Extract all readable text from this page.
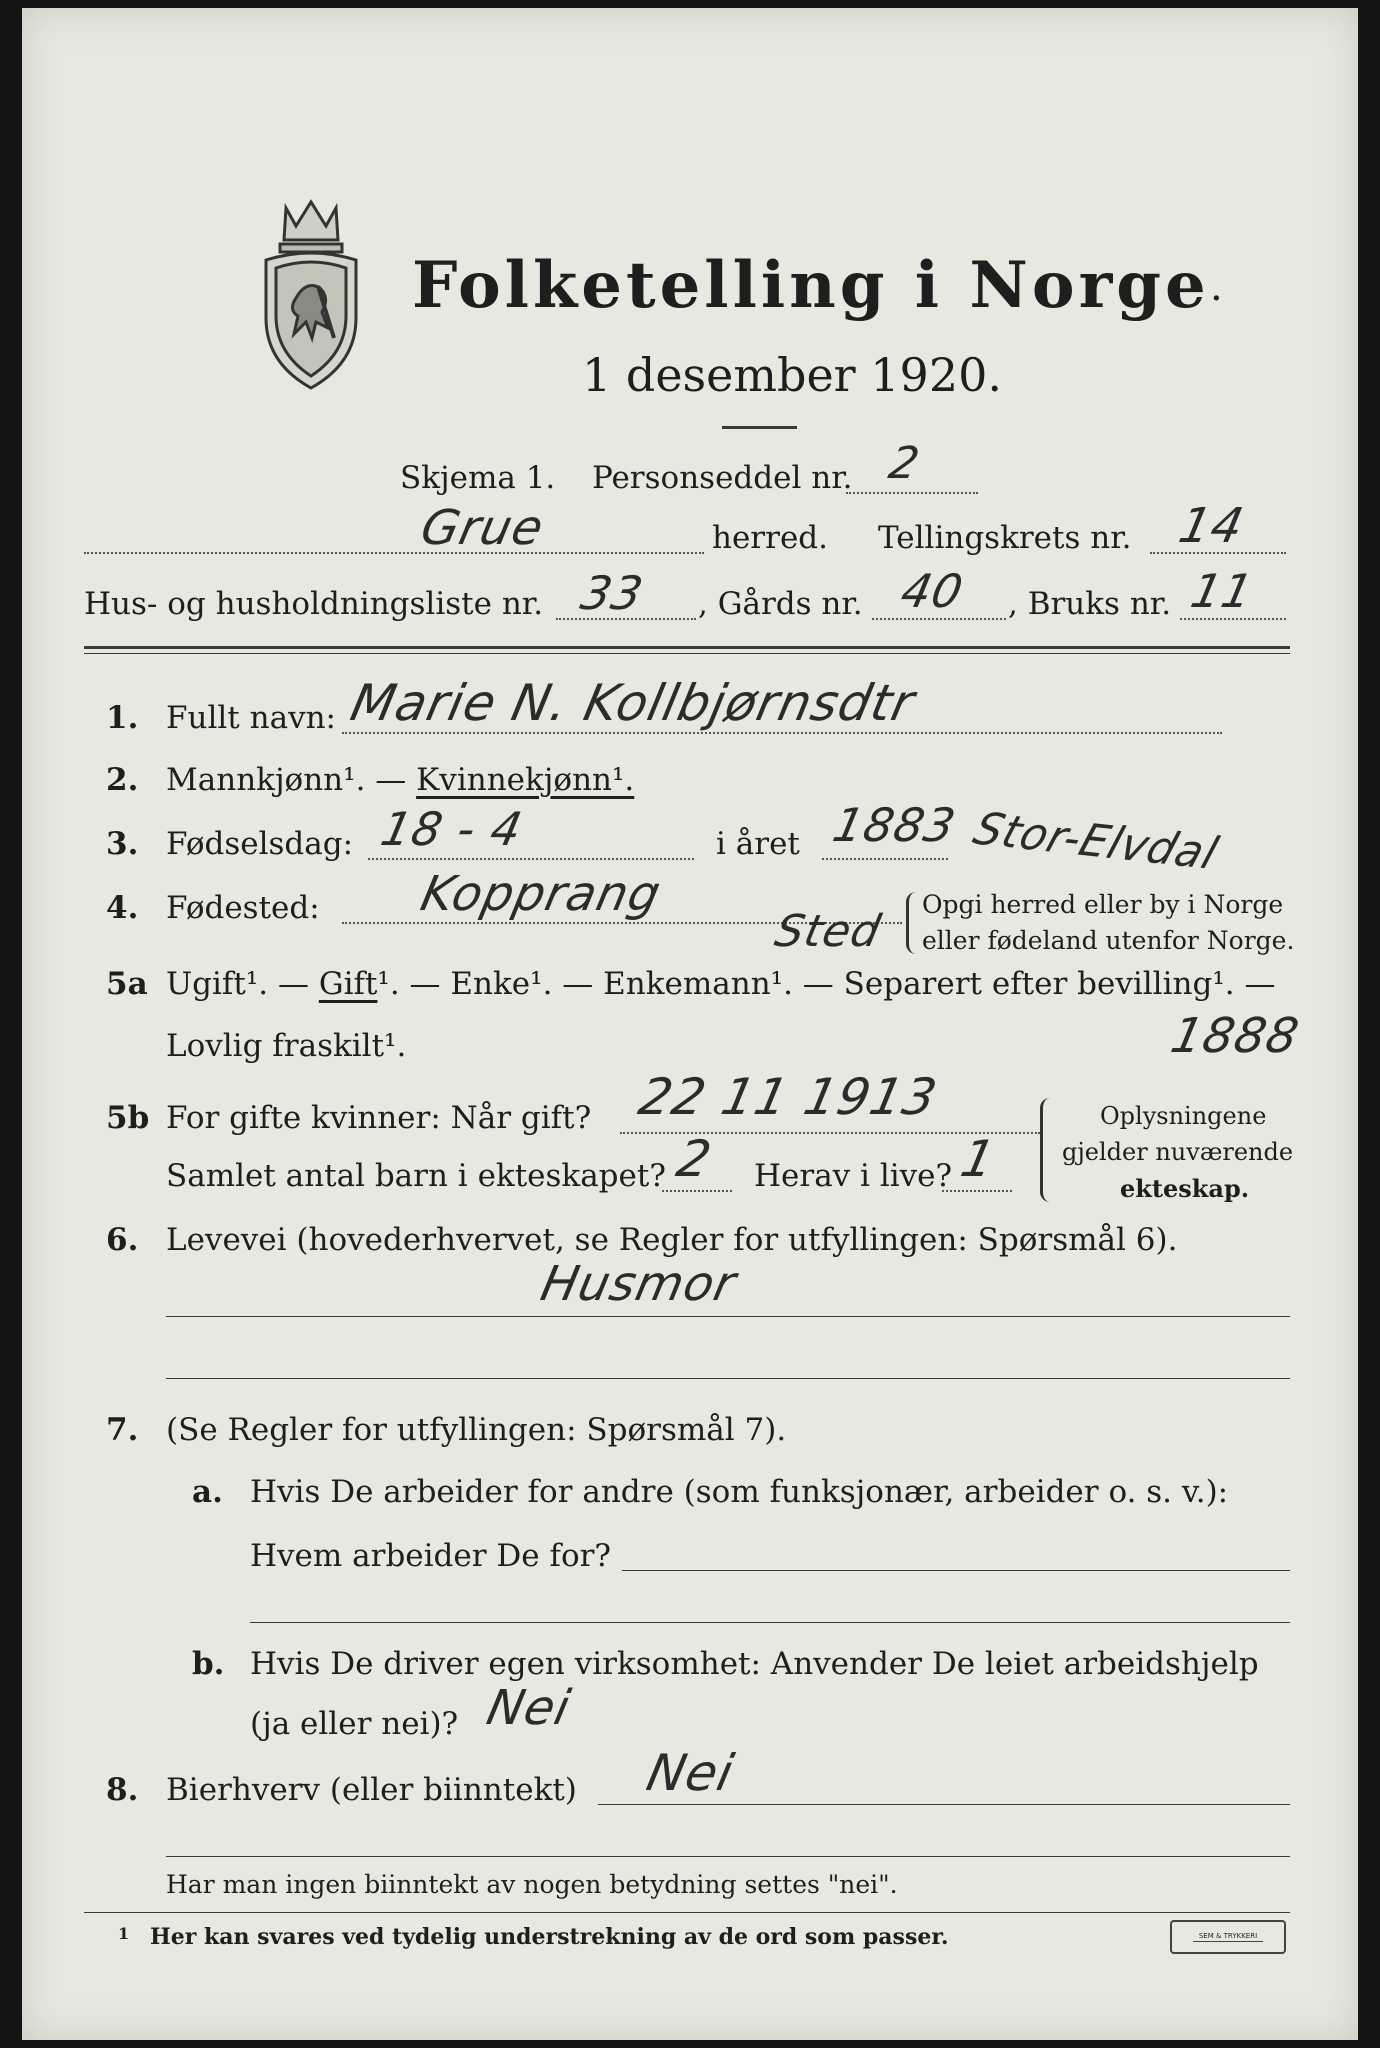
Folketelling i Norge ·
1 desember 1920.
Skjema 1. Personseddel nr. 2
Grue	herred. Tellingskrets nr. 14
Hus- og husholdningsliste nr. 33 , Gårds nr. 40 , Bruks nr. 11
1. Fullt navn: Marie N. Kollbjørnsdtr
2. Mannkjønn¹. — Kvinnekjønn¹.
3. Fødselsdag: 18 - 4	i året 1883 Stor-Elvdal
4. Fødested: Kopprang
Sted
Opgi herred eller by i Norge
eller fødeland utenfor Norge.
5a Ugift¹. — Gift¹. — Enke¹. — Enkemann¹. — Separert efter bevilling¹. —
Lovlig fraskilt¹.	1888
5b For gifte kvinner: Når gift? 22 11 1913
Samlet antal barn i ekteskapet? 2 Herav i live? 1
Oplysningene
gjelder nuværende
ekteskap.
6. Levevei (hovederhvervet, se Regler for utfyllingen: Spørsmål 6).
Husmor
7. (Se Regler for utfyllingen: Spørsmål 7).
a. Hvis De arbeider for andre (som funksjonær, arbeider o. s. v.):
Hvem arbeider De for?
b. Hvis De driver egen virksomhet: Anvender De leiet arbeidshjelp
(ja eller nei)? Nei
8. Bierhverv (eller biinntekt) Nei
Har man ingen biinntekt av nogen betydning settes "nei".
1 Her kan svares ved tydelig understrekning av de ord som passer.	SEM & TRYKKERI
